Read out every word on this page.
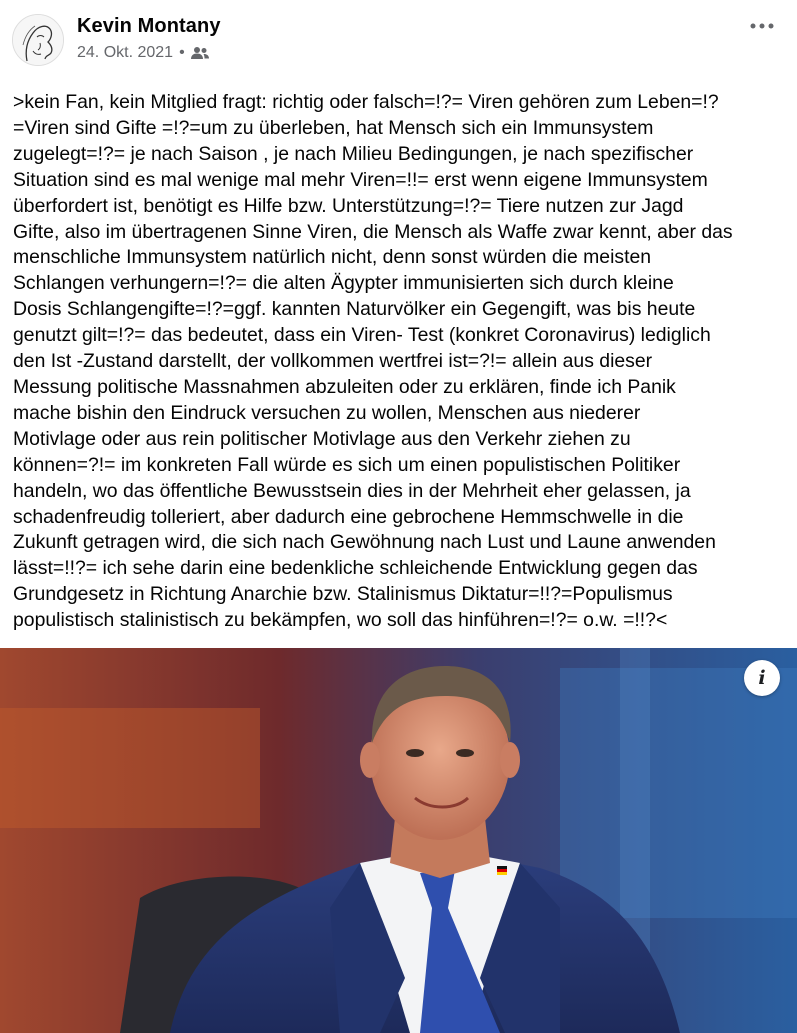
Kevin Montany
24. Okt. 2021 •

>kein Fan, kein Mitglied fragt: richtig oder falsch=!?= Viren gehören zum Leben=!?
=Viren sind Gifte =!?=um zu überleben, hat Mensch sich ein Immunsystem
zugelegt=!?= je nach Saison , je nach Milieu Bedingungen, je nach spezifischer
Situation sind es mal wenige mal mehr Viren=!!= erst wenn eigene Immunsystem
überfordert ist, benötigt es Hilfe bzw. Unterstützung=!?= Tiere nutzen zur Jagd
Gifte, also im übertragenen Sinne Viren, die Mensch als Waffe zwar kennt, aber das
menschliche Immunsystem natürlich nicht, denn sonst würden die meisten
Schlangen verhungern=!?= die alten Ägypter immunisierten sich durch kleine
Dosis Schlangengifte=!?=ggf. kannten Naturvölker ein Gegengift, was bis heute
genutzt gilt=!?= das bedeutet, dass ein Viren- Test (konkret Coronavirus) lediglich
den Ist -Zustand darstellt, der vollkommen wertfrei ist=?!= allein aus dieser
Messung politische Massnahmen abzuleiten oder zu erklären, finde ich Panik
mache bishin den Eindruck versuchen zu wollen, Menschen aus niederer
Motivlage oder aus rein politischer Motivlage aus den Verkehr ziehen zu
können=?!= im konkreten Fall würde es sich um einen populistischen Politiker
handeln, wo das öffentliche Bewusstsein dies in der Mehrheit eher gelassen, ja
schadenfreudig tolleriert, aber dadurch eine gebrochene Hemmschwelle in die
Zukunft getragen wird, die sich nach Gewöhnung nach Lust und Laune anwenden
lässt=!!?= ich sehe darin eine bedenkliche schleichende Entwicklung gegen das
Grundgesetz in Richtung Anarchie bzw. Stalinismus Diktatur=!!?=Populismus
populistisch stalinistisch zu bekämpfen, wo soll das hinführen=!?= o.w. =!!?<

i
